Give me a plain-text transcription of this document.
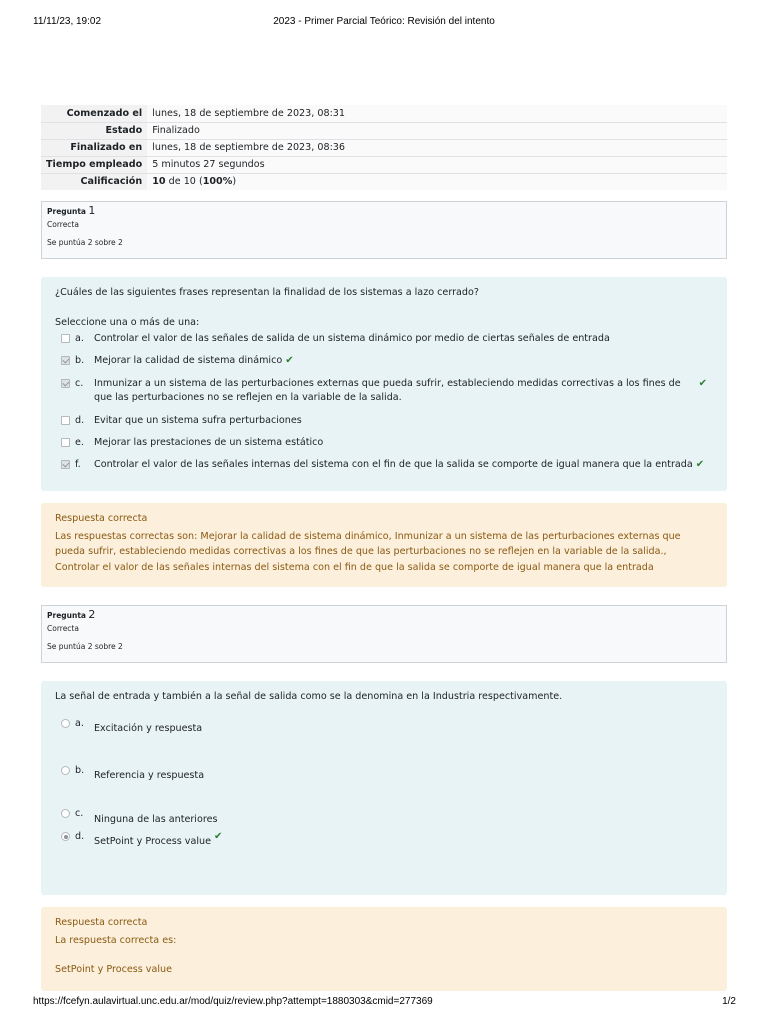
11/11/23, 19:02	2023 - Primer Parcial Teórico: Revisión del intento
Comenzado el	lunes, 18 de septiembre de 2023, 08:31
Estado	Finalizado
Finalizado en	lunes, 18 de septiembre de 2023, 08:36
Tiempo empleado	5 minutos 27 segundos
Calificación	10 de 10 (100%)
Pregunta 1
Correcta
Se puntúa 2 sobre 2
¿Cuáles de las siguientes frases representan la finalidad de los sistemas a lazo cerrado?
Seleccione una o más de una:
a. Controlar el valor de las señales de salida de un sistema dinámico por medio de ciertas señales de entrada
b. Mejorar la calidad de sistema dinámico ✔
c. Inmunizar a un sistema de las perturbaciones externas que pueda sufrir, estableciendo medidas correctivas a los fines de que las perturbaciones no se reflejen en la variable de la salida.
✔
d. Evitar que un sistema sufra perturbaciones
e. Mejorar las prestaciones de un sistema estático
f. Controlar el valor de las señales internas del sistema con el fin de que la salida se comporte de igual manera que la entrada ✔
Respuesta correcta
Las respuestas correctas son: Mejorar la calidad de sistema dinámico, Inmunizar a un sistema de las perturbaciones externas que pueda sufrir, estableciendo medidas correctivas a los fines de que las perturbaciones no se reflejen en la variable de la salida., Controlar el valor de las señales internas del sistema con el fin de que la salida se comporte de igual manera que la entrada
Pregunta 2
Correcta
Se puntúa 2 sobre 2
La señal de entrada y también a la señal de salida como se la denomina en la Industria respectivamente.
a. Excitación y respuesta
b. Referencia y respuesta
c.
Ninguna de las anteriores
d. SetPoint y Process value ✔
Respuesta correcta
La respuesta correcta es:
SetPoint y Process value
https://fcefyn.aulavirtual.unc.edu.ar/mod/quiz/review.php?attempt=1880303&cmid=277369	1/2
